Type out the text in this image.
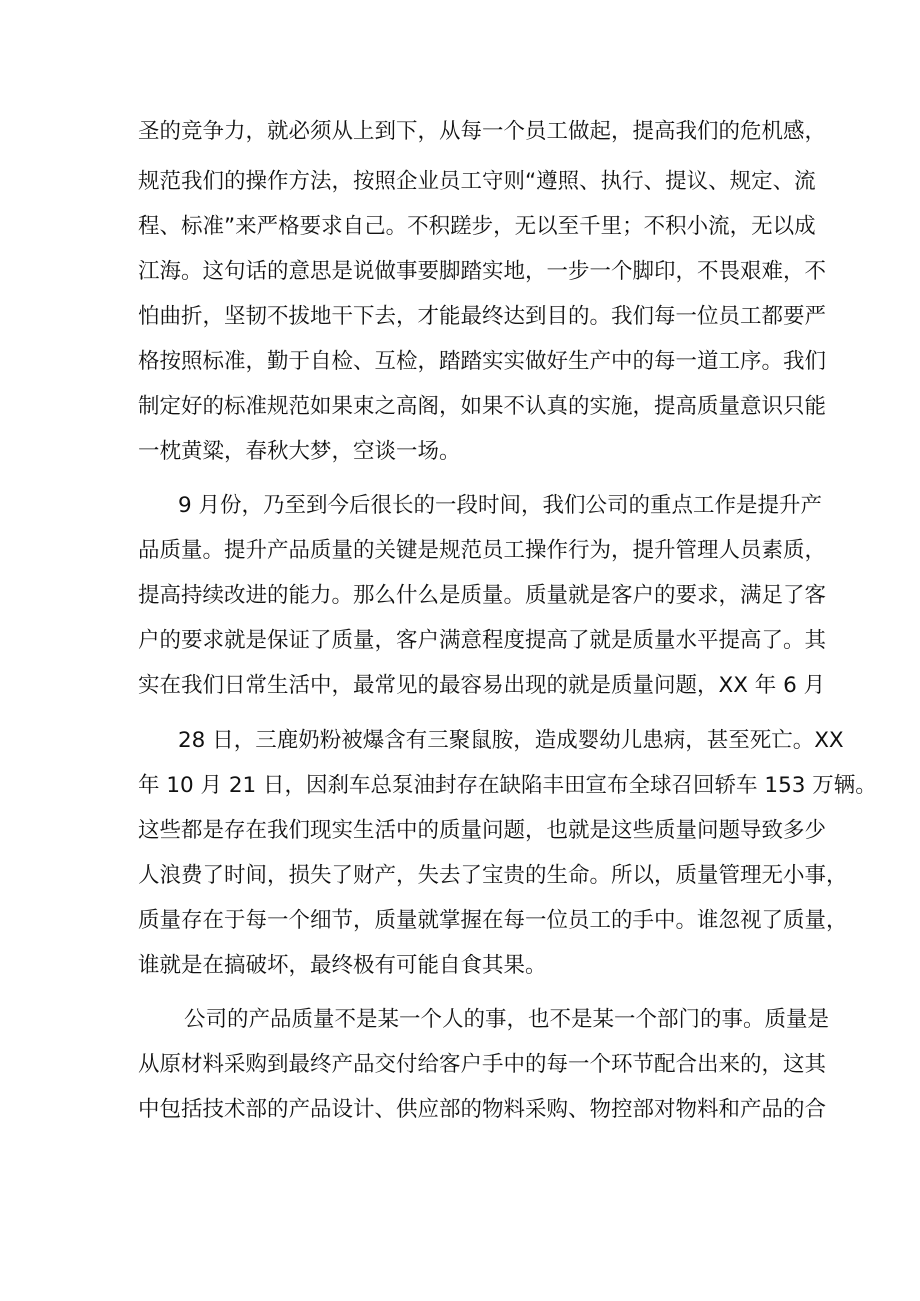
圣的竞争力，就必须从上到下，从每一个员工做起，提高我们的危机感，
规范我们的操作方法，按照企业员工守则“遵照、执行、提议、规定、流
程、标准”来严格要求自己。不积蹉步，无以至千里；不积小流，无以成
江海。这句话的意思是说做事要脚踏实地，一步一个脚印，不畏艰难，不
怕曲折，坚韧不拔地干下去，才能最终达到目的。我们每一位员工都要严
格按照标准，勤于自检、互检，踏踏实实做好生产中的每一道工序。我们
制定好的标准规范如果束之高阁，如果不认真的实施，提高质量意识只能
一枕黄粱，春秋大梦，空谈一场。
9 月份，乃至到今后很长的一段时间，我们公司的重点工作是提升产
品质量。提升产品质量的关键是规范员工操作行为，提升管理人员素质，
提高持续改进的能力。那么什么是质量。质量就是客户的要求，满足了客
户的要求就是保证了质量，客户满意程度提高了就是质量水平提高了。其
实在我们日常生活中，最常见的最容易出现的就是质量问题，XX 年 6 月
28 日，三鹿奶粉被爆含有三聚鼠胺，造成婴幼儿患病，甚至死亡。XX
年 10 月 21 日，因刹车总泵油封存在缺陷丰田宣布全球召回轿车 153 万辆。
这些都是存在我们现实生活中的质量问题，也就是这些质量问题导致多少
人浪费了时间，损失了财产，失去了宝贵的生命。所以，质量管理无小事，
质量存在于每一个细节，质量就掌握在每一位员工的手中。谁忽视了质量，
谁就是在搞破坏，最终极有可能自食其果。
公司的产品质量不是某一个人的事，也不是某一个部门的事。质量是
从原材料采购到最终产品交付给客户手中的每一个环节配合出来的，这其
中包括技术部的产品设计、供应部的物料采购、物控部对物料和产品的合
